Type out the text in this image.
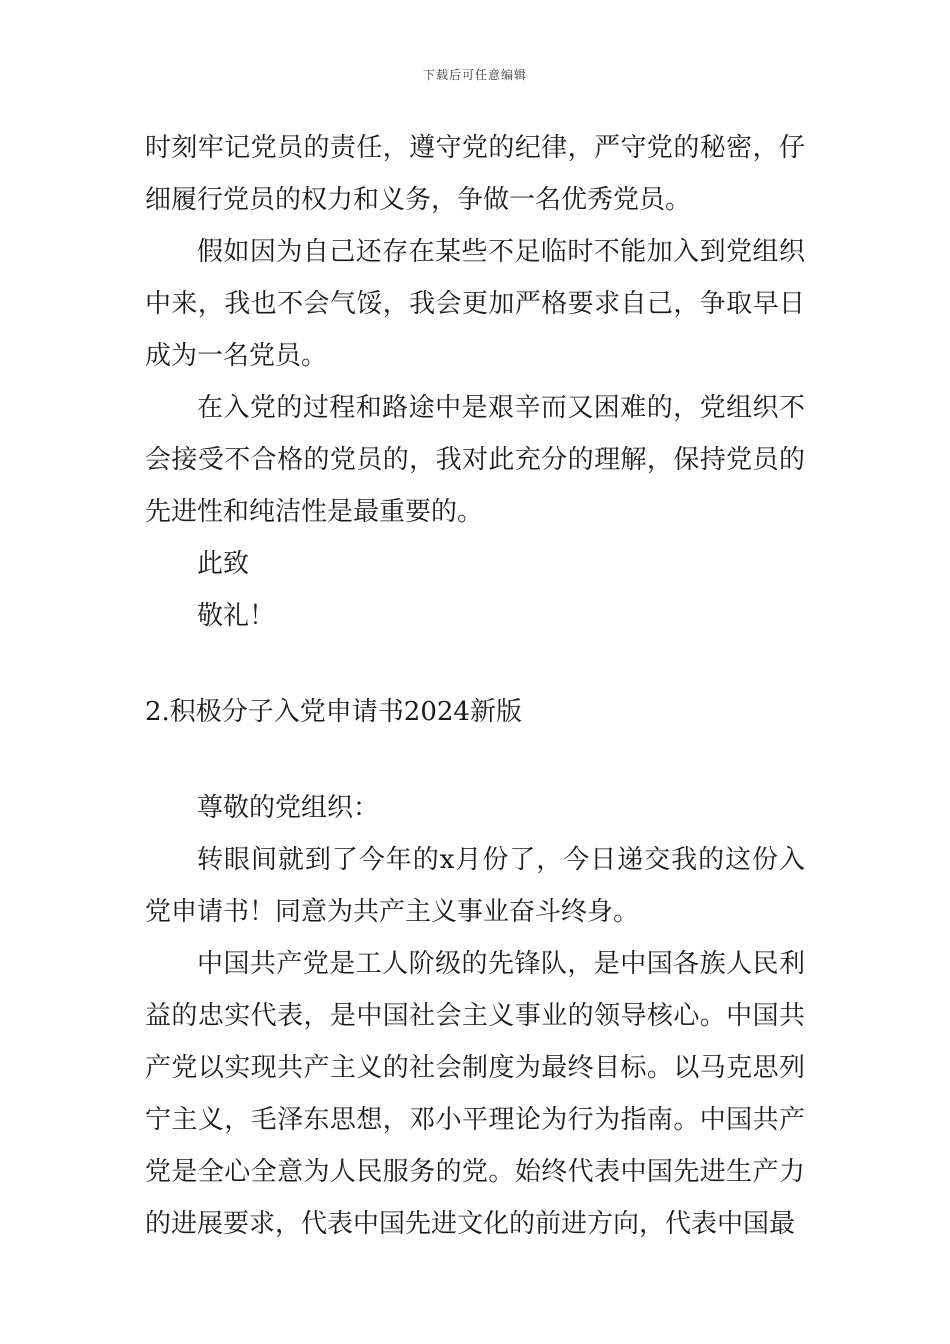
下载后可任意编辑

时刻牢记党员的责任，遵守党的纪律，严守党的秘密，仔细履行党员的权力和义务，争做一名优秀党员。

假如因为自己还存在某些不足临时不能加入到党组织中来，我也不会气馁，我会更加严格要求自己，争取早日成为一名党员。

在入党的过程和路途中是艰辛而又困难的，党组织不会接受不合格的党员的，我对此充分的理解，保持党员的先进性和纯洁性是最重要的。

此致

敬礼！

2.积极分子入党申请书2024新版

尊敬的党组织：

转眼间就到了今年的x月份了，今日递交我的这份入党申请书！同意为共产主义事业奋斗终身。

中国共产党是工人阶级的先锋队，是中国各族人民利益的忠实代表，是中国社会主义事业的领导核心。中国共产党以实现共产主义的社会制度为最终目标。以马克思列宁主义，毛泽东思想，邓小平理论为行为指南。中国共产党是全心全意为人民服务的党。始终代表中国先进生产力的进展要求，代表中国先进文化的前进方向，代表中国最
